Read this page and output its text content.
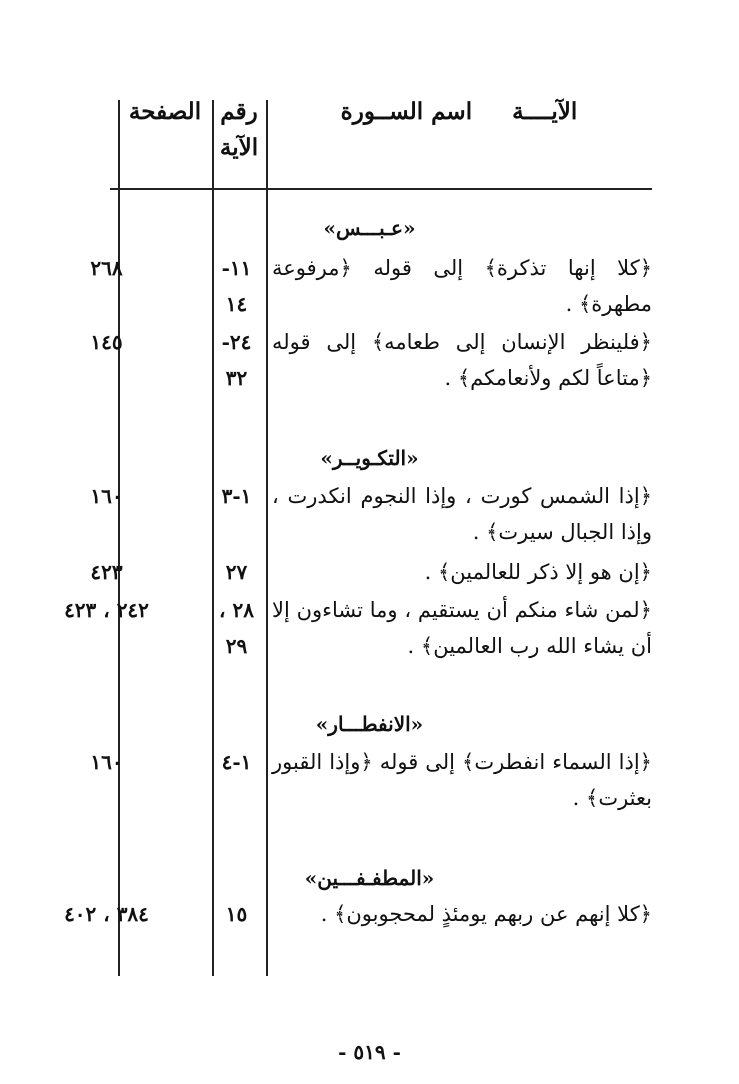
الصفحة رقم الآية
الآيــــة     اسم الســورة
«عـبـــس»
﴿كلا إنها تذكرة﴾ إلى قوله ﴿مرفوعة مطهرة﴾ .
١١- ١٤
٢٦٨
﴿فلينظر الإنسان إلى طعامه﴾ إلى قوله ﴿متاعاً لكم ولأنعامكم﴾ .
٢٤- ٣٢
١٤٥
«التكـويــر»
﴿إذا الشمس كورت ، وإذا النجوم انكدرت ، وإذا الجبال سيرت﴾ .
١-٣
١٦٠
﴿إن هو إلا ذكر للعالمين﴾ .
٢٧
٤٢٣
﴿لمن شاء منكم أن يستقيم ، وما تشاءون إلا أن يشاء الله رب العالمين﴾ .
٢٨ ، ٢٩
٢٤٢ ، ٤٢٣
«الانفطـــار»
﴿إذا السماء انفطرت﴾ إلى قوله ﴿وإذا القبور بعثرت﴾ .
١-٤
١٦٠
«المطفـفـــين»
﴿كلا إنهم عن ربهم يومئذٍ لمحجوبون﴾ .
١٥
٣٨٤ ، ٤٠٢
- ٥١٩ -
